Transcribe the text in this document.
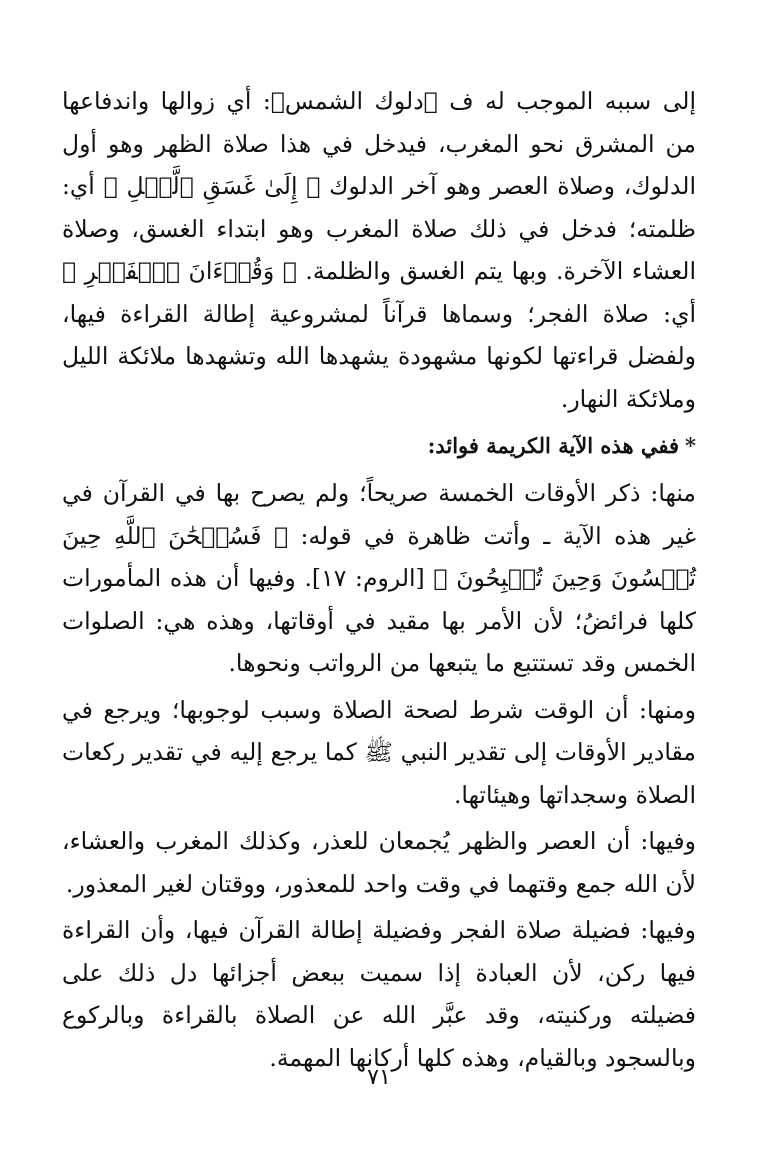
إلى سببه الموجب له ف ﴿دلوك الشمس﴾: أي زوالها واندفاعها من المشرق نحو المغرب، فيدخل في هذا صلاة الظهر وهو أول الدلوك، وصلاة العصر وهو آخر الدلوك ﴿ إِلَىٰ غَسَقِ ٱلَّيۡلِ ﴾ أي: ظلمته؛ فدخل في ذلك صلاة المغرب وهو ابتداء الغسق، وصلاة العشاء الآخرة. وبها يتم الغسق والظلمة. ﴿ وَقُرۡءَانَ ٱلۡفَجۡرِ ﴾ أي: صلاة الفجر؛ وسماها قرآناً لمشروعية إطالة القراءة فيها، ولفضل قراءتها لكونها مشهودة يشهدها الله وتشهدها ملائكة الليل وملائكة النهار.

*ففي هذه الآية الكريمة فوائد:

منها: ذكر الأوقات الخمسة صريحاً؛ ولم يصرح بها في القرآن في غير هذه الآية ـ وأتت ظاهرة في قوله: ﴿ فَسُبۡحَٰنَ ٱللَّهِ حِينَ تُمۡسُونَ وَحِينَ تُصۡبِحُونَ ﴾ [الروم: ١٧]. وفيها أن هذه المأمورات كلها فرائضُ؛ لأن الأمر بها مقيد في أوقاتها، وهذه هي: الصلوات الخمس وقد تستتبع ما يتبعها من الرواتب ونحوها.

ومنها: أن الوقت شرط لصحة الصلاة وسبب لوجوبها؛ ويرجع في مقادير الأوقات إلى تقدير النبي ﷺ كما يرجع إليه في تقدير ركعات الصلاة وسجداتها وهيئاتها.

وفيها: أن العصر والظهر يُجمعان للعذر، وكذلك المغرب والعشاء، لأن الله جمع وقتهما في وقت واحد للمعذور، ووقتان لغير المعذور.

وفيها: فضيلة صلاة الفجر وفضيلة إطالة القرآن فيها، وأن القراءة فيها ركن، لأن العبادة إذا سميت ببعض أجزائها دل ذلك على فضيلته وركنيته، وقد عبَّر الله عن الصلاة بالقراءة وبالركوع وبالسجود وبالقيام، وهذه كلها أركانها المهمة.

٧١
